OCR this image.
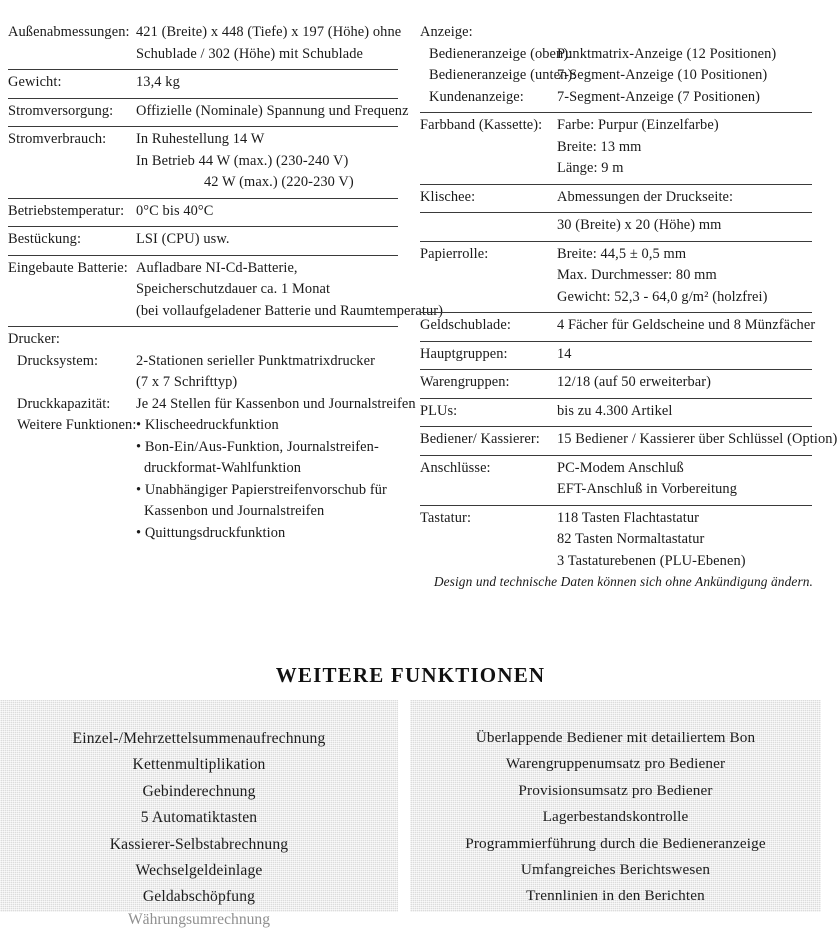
Außenabmessungen: 421 (Breite) x 448 (Tiefe) x 197 (Höhe) ohne
Schublade / 302 (Höhe) mit Schublade
Gewicht:	13,4 kg
Stromversorgung:	Offizielle (Nominale) Spannung und Frequenz
Stromverbrauch:	In Ruhestellung 14 W
In Betrieb 44 W (max.) (230-240 V)
42 W (max.) (220-230 V)
Betriebstemperatur: 0°C bis 40°C
Bestückung:	LSI (CPU) usw.
Eingebaute Batterie: Aufladbare NI-Cd-Batterie,
Speicherschutzdauer ca. 1 Monat
(bei vollaufgeladener Batterie und Raumtemperatur)
Drucker:
Drucksystem:	2-Stationen serieller Punktmatrixdrucker
(7 x 7 Schrifttyp)
Druckkapazität:	Je 24 Stellen für Kassenbon und Journalstreifen
Weitere Funktionen: • Klischeedruckfunktion
• Bon-Ein/Aus-Funktion, Journalstreifen-
druckformat-Wahlfunktion
• Unabhängiger Papierstreifenvorschub für
Kassenbon und Journalstreifen
• Quittungsdruckfunktion
Anzeige:
Bedieneranzeige (oben):
Punktmatrix-Anzeige (12 Positionen)
Bedieneranzeige (unten):
7-Segment-Anzeige (10 Positionen)
Kundenanzeige:	7-Segment-Anzeige (7 Positionen)
Farbband (Kassette):	Farbe: Purpur (Einzelfarbe)
Breite: 13 mm
Länge: 9 m
Klischee:	Abmessungen der Druckseite:
30 (Breite) x 20 (Höhe) mm
Papierrolle:	Breite: 44,5 ± 0,5 mm
Max. Durchmesser: 80 mm
Gewicht: 52,3 - 64,0 g/m² (holzfrei)
Geldschublade:	4 Fächer für Geldscheine und 8 Münzfächer
Hauptgruppen:	14
Warengruppen:	12/18 (auf 50 erweiterbar)
PLUs:	bis zu 4.300 Artikel
Bediener/ Kassierer:	15 Bediener / Kassierer über Schlüssel (Option)
Anschlüsse:	PC-Modem Anschluß
EFT-Anschluß in Vorbereitung
Tastatur:	118 Tasten Flachtastatur
82 Tasten Normaltastatur
3 Tastaturebenen (PLU-Ebenen)
Design und technische Daten können sich ohne Ankündigung ändern.
WEITERE FUNKTIONEN
Einzel-/Mehrzettelsummenaufrechnung
Kettenmultiplikation
Gebinderechnung
5 Automatiktasten
Kassierer-Selbstabrechnung
Wechselgeldeinlage
Geldabschöpfung
Währungsumrechnung
Überlappende Bediener mit detailiertem Bon
Warengruppenumsatz pro Bediener
Provisionsumsatz pro Bediener
Lagerbestandskontrolle
Programmierführung durch die Bedieneranzeige
Umfangreiches Berichtswesen
Trennlinien in den Berichten
